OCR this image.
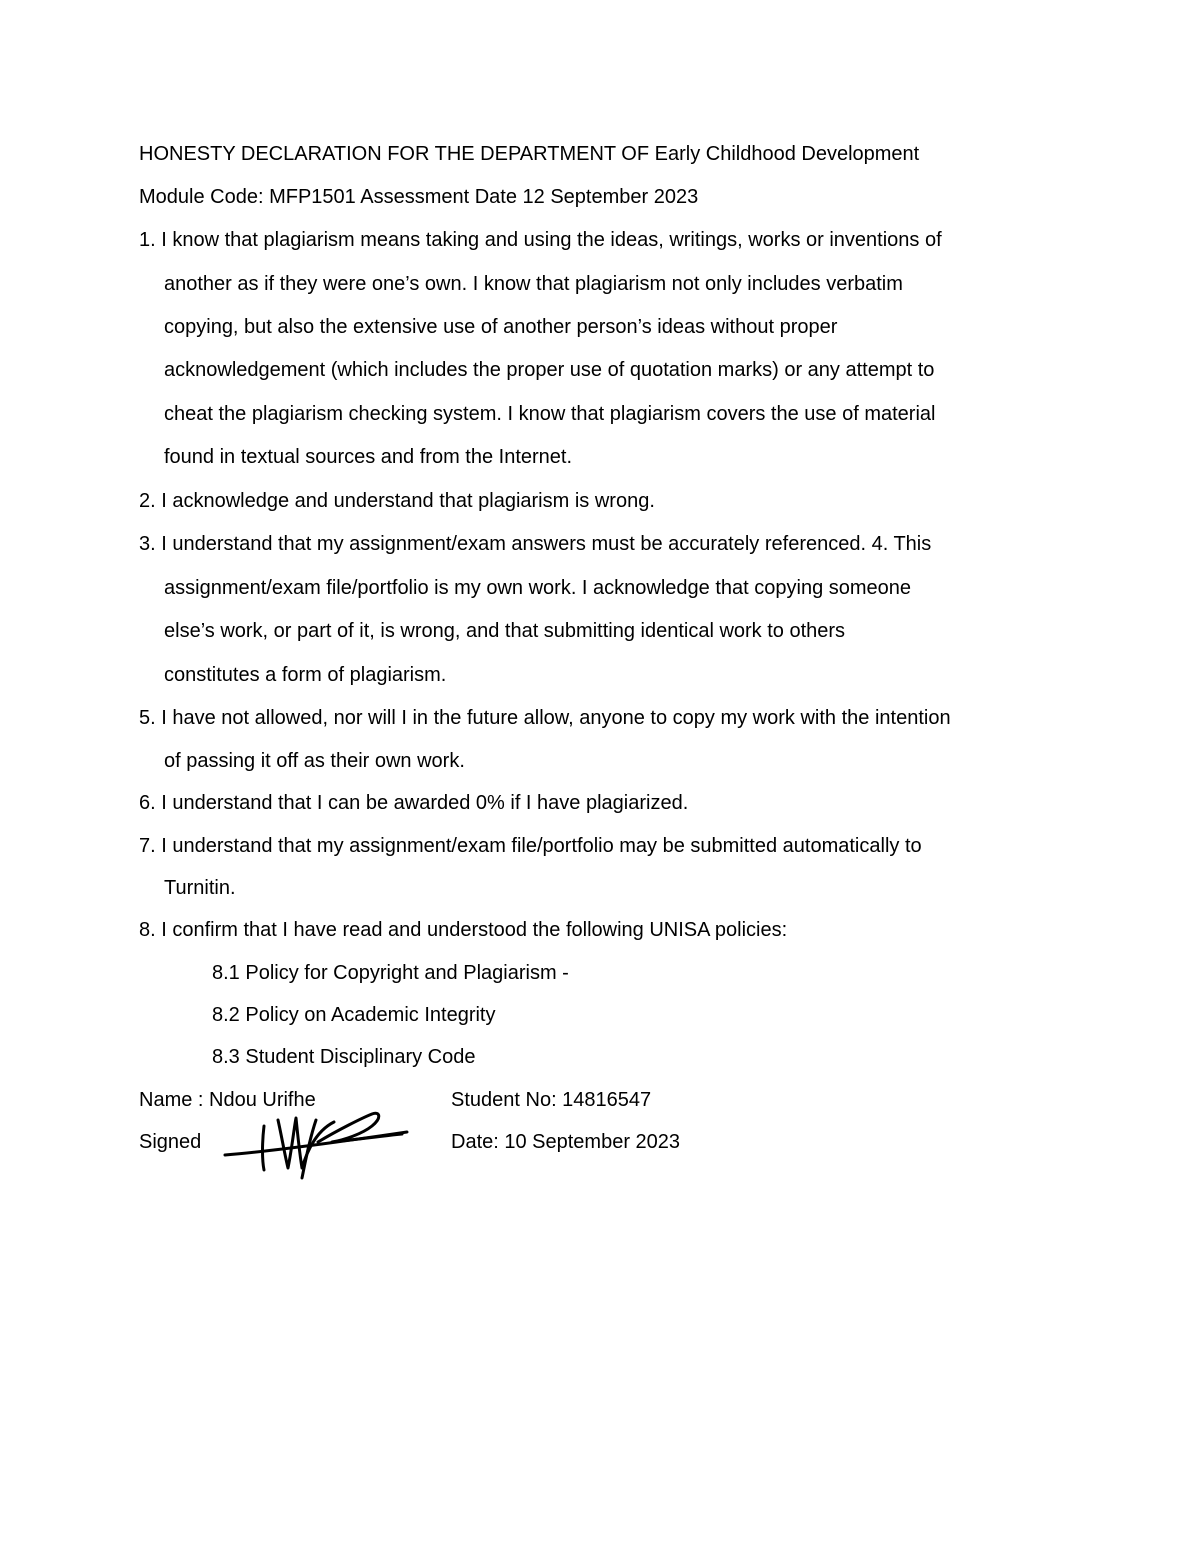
HONESTY DECLARATION FOR THE DEPARTMENT OF Early Childhood Development
Module Code: MFP1501 Assessment Date 12 September 2023
1. I know that plagiarism means taking and using the ideas, writings, works or inventions of
another as if they were one’s own. I know that plagiarism not only includes verbatim
copying, but also the extensive use of another person’s ideas without proper
acknowledgement (which includes the proper use of quotation marks) or any attempt to
cheat the plagiarism checking system. I know that plagiarism covers the use of material
found in textual sources and from the Internet.
2. I acknowledge and understand that plagiarism is wrong.
3. I understand that my assignment/exam answers must be accurately referenced. 4. This
assignment/exam file/portfolio is my own work. I acknowledge that copying someone
else’s work, or part of it, is wrong, and that submitting identical work to others
constitutes a form of plagiarism.
5. I have not allowed, nor will I in the future allow, anyone to copy my work with the intention
of passing it off as their own work.
6. I understand that I can be awarded 0% if I have plagiarized.
7. I understand that my assignment/exam file/portfolio may be submitted automatically to
Turnitin.
8. I confirm that I have read and understood the following UNISA policies:
8.1 Policy for Copyright and Plagiarism -
8.2 Policy on Academic Integrity
8.3 Student Disciplinary Code
Name : Ndou Urifhe	Student No: 14816547
Signed	Date: 10 September 2023
